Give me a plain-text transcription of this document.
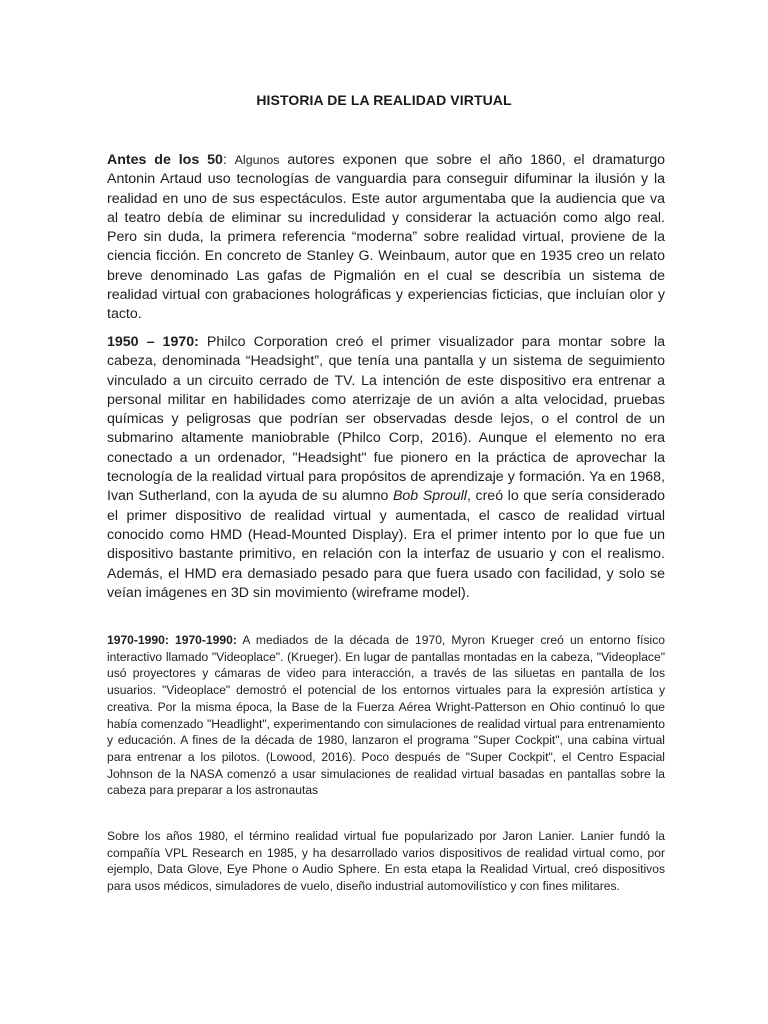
HISTORIA DE LA REALIDAD VIRTUAL

Antes de los 50: Algunos autores exponen que sobre el año 1860, el dramaturgo Antonin Artaud uso tecnologías de vanguardia para conseguir difuminar la ilusión y la realidad en uno de sus espectáculos. Este autor argumentaba que la audiencia que va al teatro debía de eliminar su incredulidad y considerar la actuación como algo real. Pero sin duda, la primera referencia “moderna” sobre realidad virtual, proviene de la ciencia ficción. En concreto de Stanley G. Weinbaum, autor que en 1935 creo un relato breve denominado Las gafas de Pigmalión en el cual se describía un sistema de realidad virtual con grabaciones holográficas y experiencias ficticias, que incluían olor y tacto.

1950 – 1970: Philco Corporation creó el primer visualizador para montar sobre la cabeza, denominada “Headsight”, que tenía una pantalla y un sistema de seguimiento vinculado a un circuito cerrado de TV. La intención de este dispositivo era entrenar a personal militar en habilidades como aterrizaje de un avión a alta velocidad, pruebas químicas y peligrosas que podrían ser observadas desde lejos, o el control de un submarino altamente maniobrable (Philco Corp, 2016). Aunque el elemento no era conectado a un ordenador, "Headsight" fue pionero en la práctica de aprovechar la tecnología de la realidad virtual para propósitos de aprendizaje y formación. Ya en 1968, Ivan Sutherland, con la ayuda de su alumno Bob Sproull, creó lo que sería considerado el primer dispositivo de realidad virtual y aumentada, el casco de realidad virtual conocido como HMD (Head-Mounted Display). Era el primer intento por lo que fue un dispositivo bastante primitivo, en relación con la interfaz de usuario y con el realismo. Además, el HMD era demasiado pesado para que fuera usado con facilidad, y solo se veían imágenes en 3D sin movimiento (wireframe model).

1970-1990: 1970-1990: A mediados de la década de 1970, Myron Krueger creó un entorno físico interactivo llamado "Videoplace". (Krueger). En lugar de pantallas montadas en la cabeza, "Videoplace" usó proyectores y cámaras de video para interacción, a través de las siluetas en pantalla de los usuarios. "Videoplace" demostró el potencial de los entornos virtuales para la expresión artística y creativa. Por la misma época, la Base de la Fuerza Aérea Wright-Patterson en Ohio continuó lo que había comenzado "Headlight", experimentando con simulaciones de realidad virtual para entrenamiento y educación. A fines de la década de 1980, lanzaron el programa "Super Cockpit", una cabina virtual para entrenar a los pilotos. (Lowood, 2016). Poco después de "Super Cockpit", el Centro Espacial Johnson de la NASA comenzó a usar simulaciones de realidad virtual basadas en pantallas sobre la cabeza para preparar a los astronautas

Sobre los años 1980, el término realidad virtual fue popularizado por Jaron Lanier. Lanier fundó la compañía VPL Research en 1985, y ha desarrollado varios dispositivos de realidad virtual como, por ejemplo, Data Glove, Eye Phone o Audio Sphere. En esta etapa la Realidad Virtual, creó dispositivos para usos médicos, simuladores de vuelo, diseño industrial automovilístico y con fines militares.
